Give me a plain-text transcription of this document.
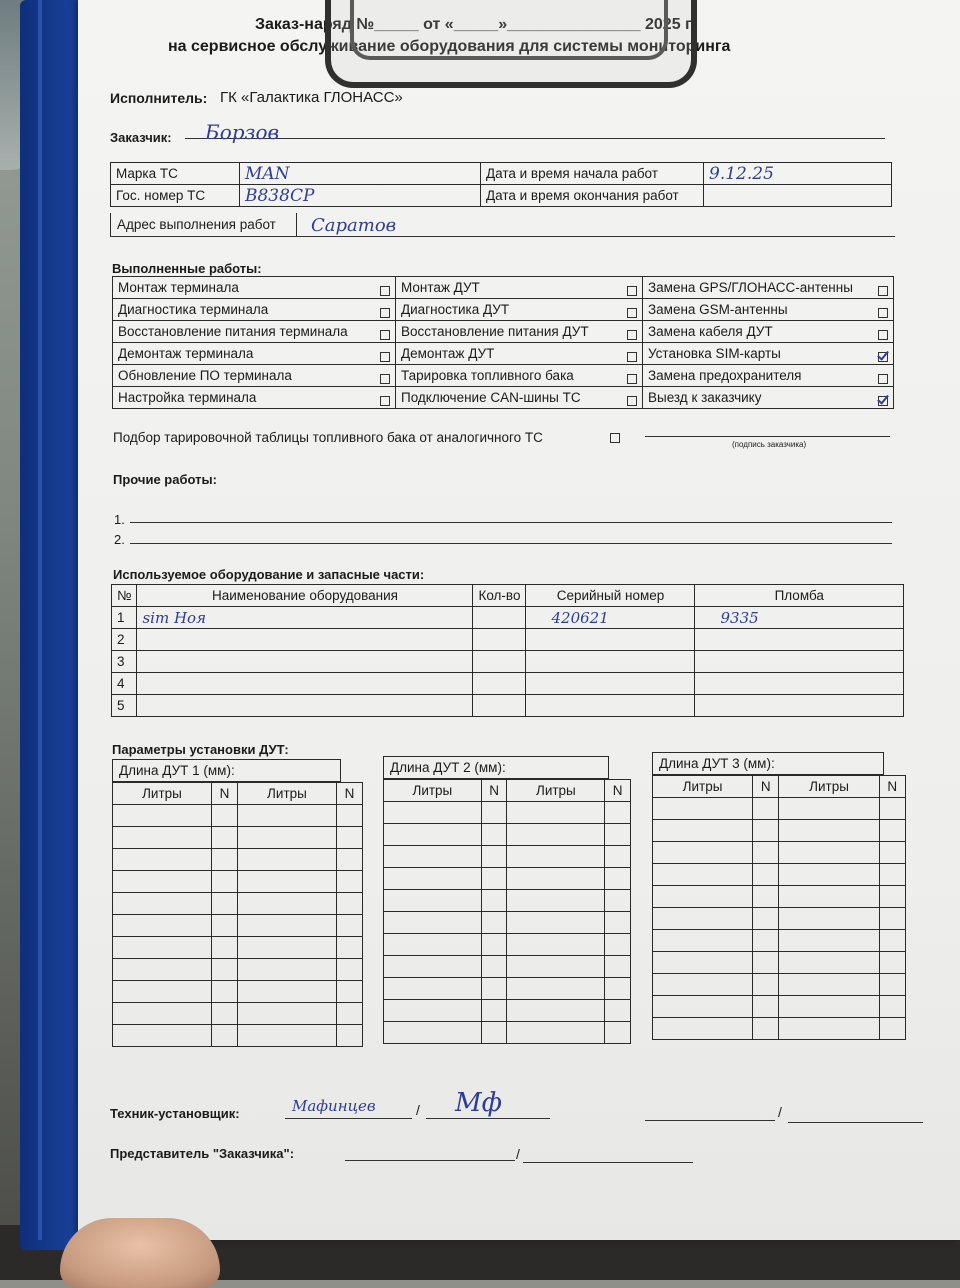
Заказ-наряд №_____ от «_____»_______________ 2025 г.
на сервисное обслуживание оборудования для системы мониторинга
Исполнитель: ГК «Галактика ГЛОНАСС»
Заказчик: Борзов
Марка ТС	MAN	Дата и время начала работ	9.12.25
Гос. номер ТС	В838СР	Дата и время окончания работ	
Адрес выполнения работ Саратов
Выполненные работы:
Монтаж терминала	Монтаж ДУТ	Замена GPS/ГЛОНАСС-антенны

Диагностика терминала	Диагностика ДУТ	Замена GSM-антенны

Восстановление питания терминала	Восстановление питания ДУТ	Замена кабеля ДУТ

Демонтаж терминала	Демонтаж ДУТ	Установка SIM-карты

Обновление ПО терминала	Тарировка топливного бака	Замена предохранителя

Настройка терминала	Подключение CAN-шины ТС	Выезд к заказчику
Подбор тарировочной таблицы топливного бака от аналогичного ТС	(подпись заказчика)
Прочие работы:
1.
2.
Используемое оборудование и запасные части:
№	Наименование оборудования	Кол-во	Серийный номер	Пломба
1	sim Ноя		420621	9335
2				
3				
4				
5				
Параметры установки ДУТ:
Длина ДУТ 1 (мм):
Литры	N	Литры	N

Длина ДУТ 2 (мм):
Литры	N	Литры	N

Длина ДУТ 3 (мм):
Литры	N	Литры	N

Техник-установщик:	Мафинцев	/ Мф	/
Представитель "Заказчика":	/
